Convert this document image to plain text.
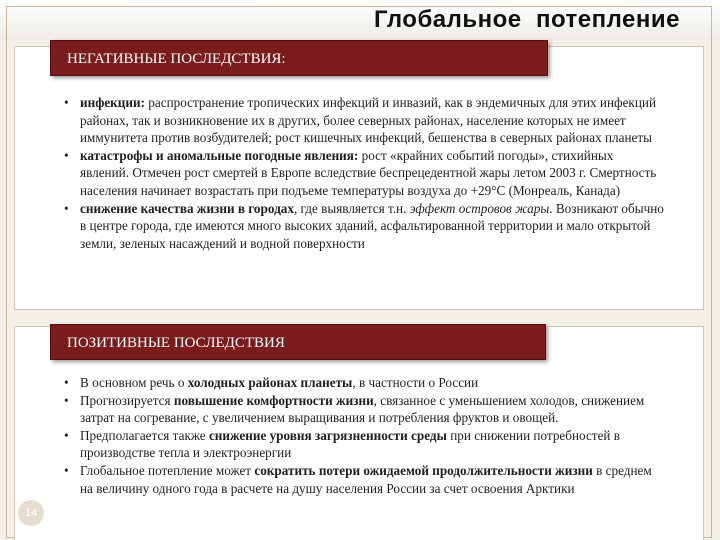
Глобальное  потепление
НЕГАТИВНЫЕ ПОСЛЕДСТВИЯ:
• инфекции: распространение тропических инфекций и инвазий, как в эндемичных для этих инфекций районах, так и возникновение их в других, более северных районах, население которых не имеет иммунитета против возбудителей; рост кишечных инфекций, бешенства в северных районах планеты
• катастрофы и аномальные погодные явления: рост «крайних событий погоды», стихийных явлений. Отмечен рост смертей в Европе вследствие беспрецедентной жары летом 2003 г. Смертность населения начинает возрастать при подъеме температуры воздуха до +29°С (Монреаль, Канада)
• снижение качества жизни в городах, где выявляется т.н. эффект островов жары. Возникают обычно в центре города, где имеются много высоких зданий, асфальтированной территории и мало открытой земли, зеленых насаждений и водной поверхности
ПОЗИТИВНЫЕ ПОСЛЕДСТВИЯ
• В основном речь о холодных районах планеты, в частности о России
• Прогнозируется повышение комфортности жизни, связанное с уменьшением холодов, снижением затрат на согревание, с увеличением выращивания и потребления фруктов и овощей.
• Предполагается также снижение уровня загрязненности среды при снижении потребностей в производстве тепла и электроэнергии
• Глобальное потепление может сократить потери ожидаемой продолжительности жизни в среднем на величину одного года в расчете на душу населения России за счет освоения Арктики
14
